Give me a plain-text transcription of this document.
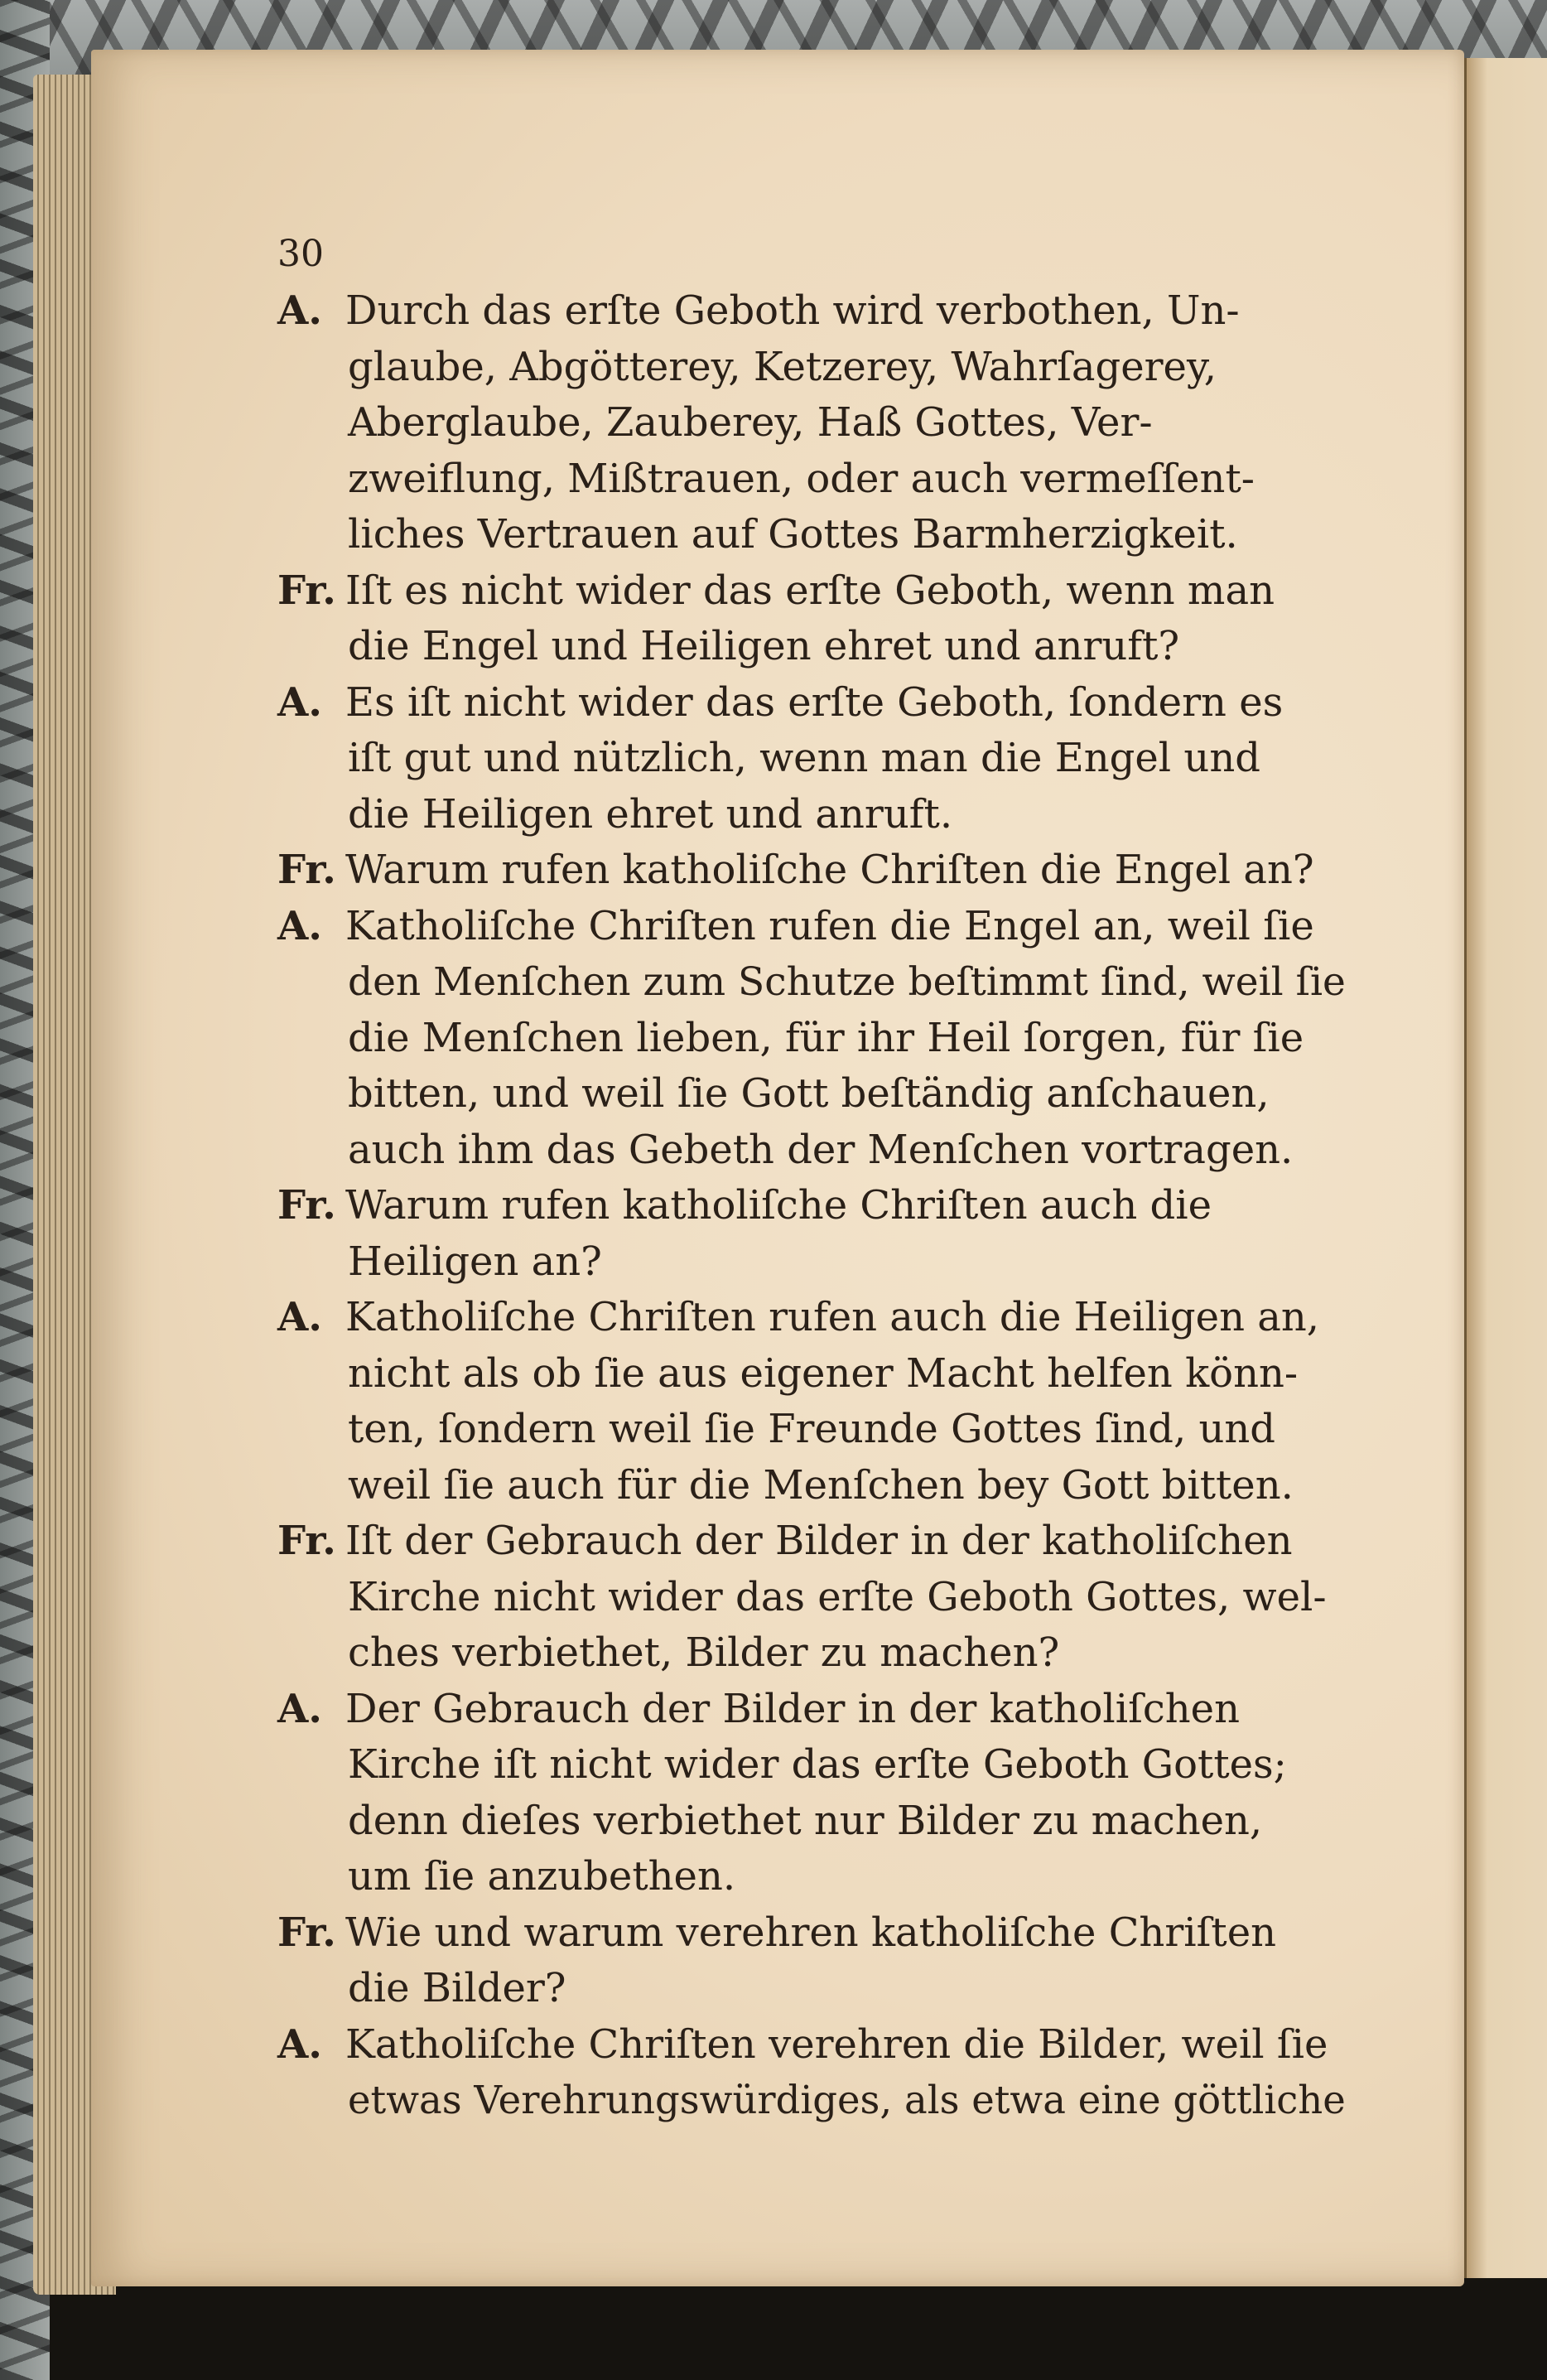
30
A. Durch das erſte Geboth wird verbothen, Un-
glaube, Abgötterey, Ketzerey, Wahrſagerey,
Aberglaube, Zauberey, Haß Gottes, Ver-
zweiflung, Mißtrauen, oder auch vermeſſent-
liches Vertrauen auf Gottes Barmherzigkeit.
Fr. Iſt es nicht wider das erſte Geboth, wenn man
die Engel und Heiligen ehret und anruft?
A. Es iſt nicht wider das erſte Geboth, ſondern es
iſt gut und nützlich, wenn man die Engel und
die Heiligen ehret und anruft.
Fr. Warum rufen katholiſche Chriſten die Engel an?
A. Katholiſche Chriſten rufen die Engel an, weil ſie
den Menſchen zum Schutze beſtimmt ſind, weil ſie
die Menſchen lieben, für ihr Heil ſorgen, für ſie
bitten, und weil ſie Gott beſtändig anſchauen,
auch ihm das Gebeth der Menſchen vortragen.
Fr. Warum rufen katholiſche Chriſten auch die
Heiligen an?
A. Katholiſche Chriſten rufen auch die Heiligen an,
nicht als ob ſie aus eigener Macht helfen könn-
ten, ſondern weil ſie Freunde Gottes ſind, und
weil ſie auch für die Menſchen bey Gott bitten.
Fr. Iſt der Gebrauch der Bilder in der katholiſchen
Kirche nicht wider das erſte Geboth Gottes, wel-
ches verbiethet, Bilder zu machen?
A. Der Gebrauch der Bilder in der katholiſchen
Kirche iſt nicht wider das erſte Geboth Gottes;
denn dieſes verbiethet nur Bilder zu machen,
um ſie anzubethen.
Fr. Wie und warum verehren katholiſche Chriſten
die Bilder?
A. Katholiſche Chriſten verehren die Bilder, weil ſie
etwas Verehrungswürdiges, als etwa eine göttliche
